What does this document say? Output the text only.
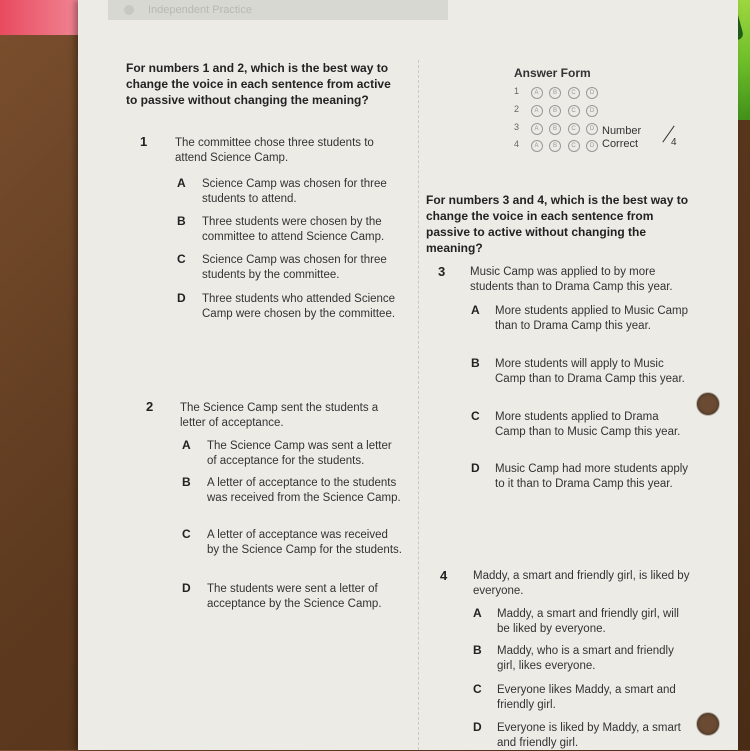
Independent Practice
For numbers 1 and 2, which is the best way to change the voice in each sentence from active to passive without changing the meaning?
1 The committee chose three students to attend Science Camp.
A Science Camp was chosen for three students to attend.
B Three students were chosen by the committee to attend Science Camp.
C Science Camp was chosen for three students by the committee.
D Three students who attended Science Camp were chosen by the committee.
2 The Science Camp sent the students a letter of acceptance.
A The Science Camp was sent a letter of acceptance for the students.
B A letter of acceptance to the students was received from the Science Camp.
C A letter of acceptance was received by the Science Camp for the students.
D The students were sent a letter of acceptance by the Science Camp.
Answer Form
1	A B C D
2	A B C D
3	A B C D
4	A B C D
Number Correct	4
For numbers 3 and 4, which is the best way to change the voice in each sentence from passive to active without changing the meaning?
3 Music Camp was applied to by more students than to Drama Camp this year.
A More students applied to Music Camp than to Drama Camp this year.
B More students will apply to Music Camp than to Drama Camp this year.
C More students applied to Drama Camp than to Music Camp this year.
D Music Camp had more students apply to it than to Drama Camp this year.
4 Maddy, a smart and friendly girl, is liked by everyone.
A Maddy, a smart and friendly girl, will be liked by everyone.
B Maddy, who is a smart and friendly girl, likes everyone.
C Everyone likes Maddy, a smart and friendly girl.
D Everyone is liked by Maddy, a smart and friendly girl.
